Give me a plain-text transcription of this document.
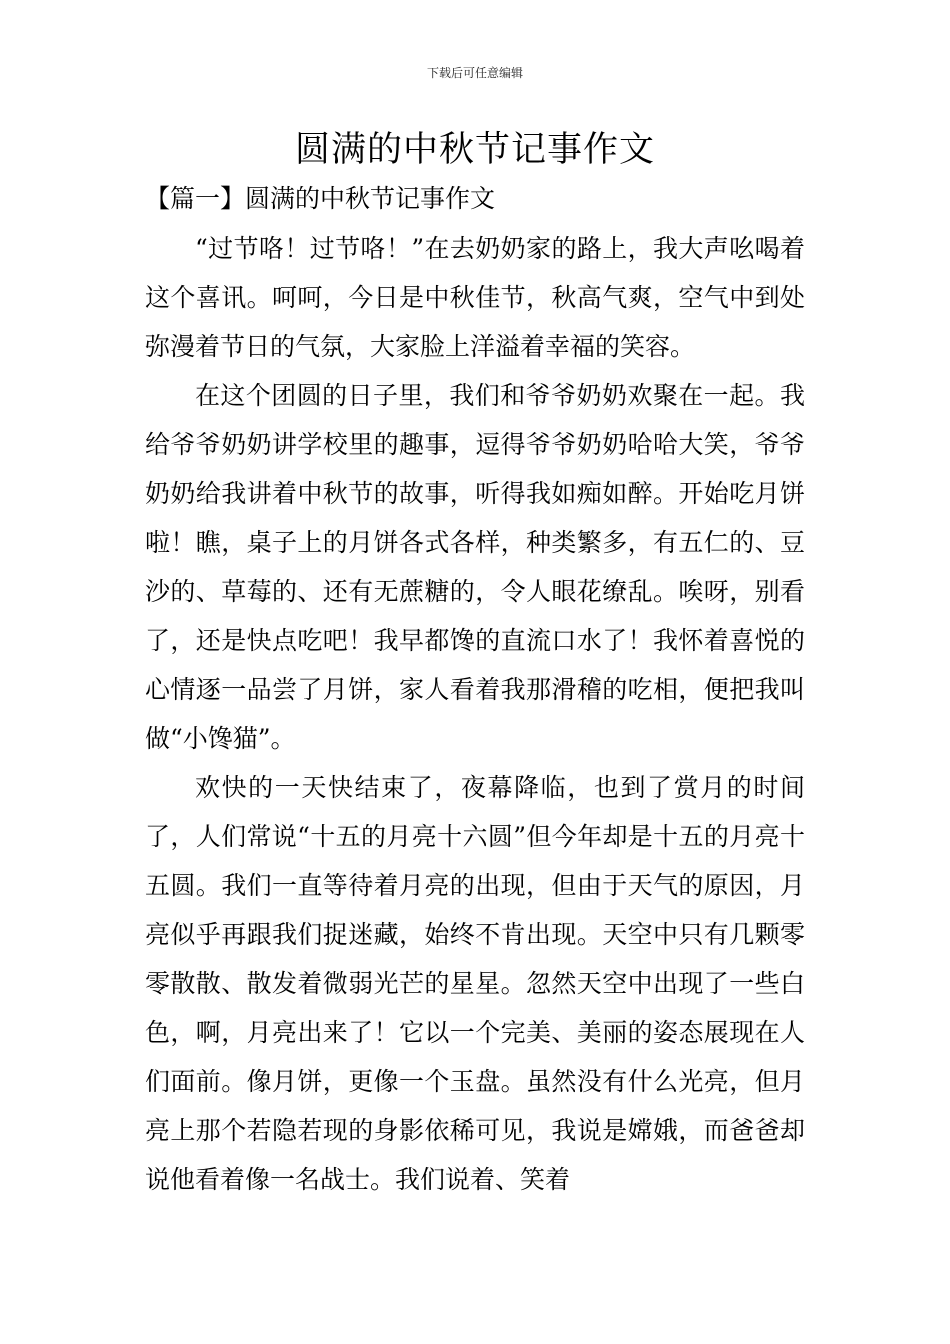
下载后可任意编辑
圆满的中秋节记事作文
【篇一】圆满的中秋节记事作文

“过节咯！过节咯！”在去奶奶家的路上，我大声吆喝着这个喜讯。呵呵，今日是中秋佳节，秋高气爽，空气中到处弥漫着节日的气氛，大家脸上洋溢着幸福的笑容。

在这个团圆的日子里，我们和爷爷奶奶欢聚在一起。我给爷爷奶奶讲学校里的趣事，逗得爷爷奶奶哈哈大笑，爷爷奶奶给我讲着中秋节的故事，听得我如痴如醉。开始吃月饼啦！瞧，桌子上的月饼各式各样，种类繁多，有五仁的、豆沙的、草莓的、还有无蔗糖的，令人眼花缭乱。唉呀，别看了，还是快点吃吧！我早都馋的直流口水了！我怀着喜悦的心情逐一品尝了月饼，家人看着我那滑稽的吃相，便把我叫做“小馋猫”。

欢快的一天快结束了，夜幕降临，也到了赏月的时间了，人们常说“十五的月亮十六圆”但今年却是十五的月亮十五圆。我们一直等待着月亮的出现，但由于天气的原因，月亮似乎再跟我们捉迷藏，始终不肯出现。天空中只有几颗零零散散、散发着微弱光芒的星星。忽然天空中出现了一些白色，啊，月亮出来了！它以一个完美、美丽的姿态展现在人们面前。像月饼，更像一个玉盘。虽然没有什么光亮，但月亮上那个若隐若现的身影依稀可见，我说是嫦娥，而爸爸却说他看着像一名战士。我们说着、笑着
